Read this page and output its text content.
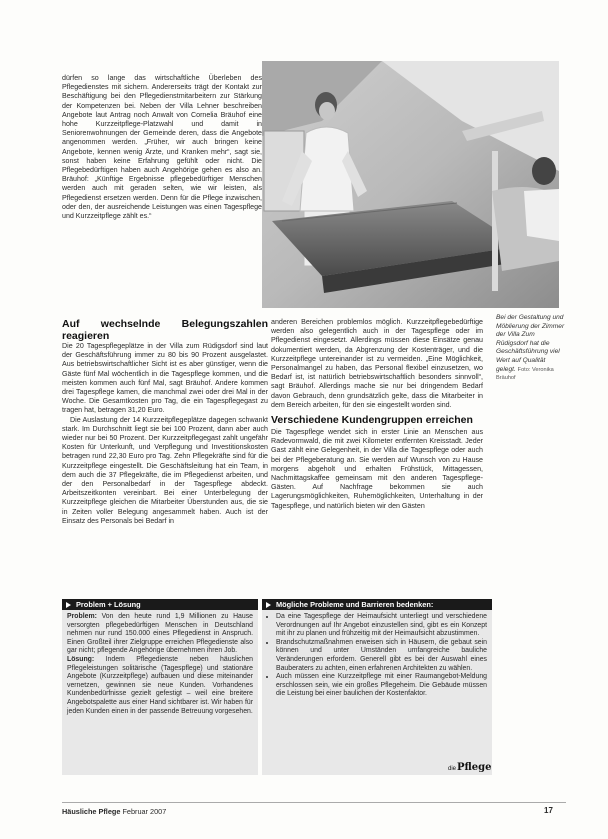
dürfen so lange das wirtschaftliche Überleben des Pflegedienstes mit sichern. Andererseits trägt der Kontakt zur Beschäftigung bei den Pflegedienstmitarbeitern zur Stärkung der Kompetenzen bei. Neben der Villa Lehner beschreiben Angebote laut Antrag noch Anwalt von Cornelia Bräuhof eine hohe Kurzzeitpflege-Platzwahl und damit in Seniorenwohnungen der Gemeinde deren, dass die Angebote angenommen werden. „Früher, wir auch bringen keine Angebote, kennen wenig Ärzte, und Kranken mehr“, sagt sie, sonst haben keine Erfahrung gefühlt oder nicht. Die Pflegebedürftigen haben auch Angehörige gehen es also an. Bräuhof: „Künftige Ergebnisse pflegebedürftiger Menschen werden auch mit geraden selten, wie wir leisten, als Pflegedienst ersetzen werden. Denn für die Pflege inzwischen, oder den, der ausreichende Leistungen was einen Tagespflege und Kurzzeitpflege zählt es.“

Bei der Gestaltung und Möblierung der Zimmer der Villa Zum Rüdigsdorf hat die Geschäftsführung viel Wert auf Qualität gelegt. Foto: Veronika Bräuhof

Auf wechselnde Belegungszahlen reagieren

Die 20 Tagespflegeplätze in der Villa zum Rüdigsdorf sind laut der Geschäftsführung immer zu 80 bis 90 Prozent ausgelastet. Aus betriebswirtschaftlicher Sicht ist es aber günstiger, wenn die Gäste fünf Mal wöchentlich in die Tagespflege kommen, und die meisten kommen auch fünf Mal, sagt Bräuhof. Andere kommen drei Tagespflege kamen, die manchmal zwei oder drei Mal in der Woche. Die Gesamtkosten pro Tag, die ein Tagespflegegast zu tragen hat, betragen 31,20 Euro.

Die Auslastung der 14 Kurzzeitpflegeplätze dagegen schwankt stark. Im Durchschnitt liegt sie bei 100 Prozent, dann aber auch wieder nur bei 50 Prozent. Der Kurzzeitpflegegast zahlt ungefähr Kosten für Unterkunft, und Verpflegung und Investitionskosten betragen rund 22,30 Euro pro Tag. Zehn Pflegekräfte sind für die Kurzzeitpflege eingestellt. Die Geschäftsleitung hat ein Team, in dem auch die 37 Pflegekräfte, die im Pflegedienst arbeiten, und der den Personalbedarf in der Tagespflege abdeckt. Arbeitszeitkonten vereinbart. Bei einer Unterbelegung der Kurzzeitpflege gleichen die Mitarbeiter Überstunden aus, die sie in Zeiten voller Belegung angesammelt haben. Auch ist der Einsatz des Personals bei Bedarf in

anderen Bereichen problemlos möglich. Kurzzeitpflegebedürftige werden also gelegentlich auch in der Tagespflege oder im Pflegedienst eingesetzt. Allerdings müssen diese Einsätze genau dokumentiert werden, da Abgrenzung der Kostenträger, und die Kurzzeitpflege untereinander ist zu vermeiden. „Eine Möglichkeit, Personalmangel zu haben, das Personal flexibel einzusetzen, wo Bedarf ist, ist natürlich betriebswirtschaftlich besonders sinnvoll“, sagt Bräuhof. Allerdings mache sie nur bei dringendem Bedarf davon Gebrauch, denn grundsätzlich gelte, dass die Mitarbeiter in dem Bereich arbeiten, für den sie eingestellt worden sind.

Verschiedene Kundengruppen erreichen

Die Tagespflege wendet sich in erster Linie an Menschen aus Radevormwald, die mit zwei Kilometer entfernten Kreisstadt. Jeder Gast zählt eine Gelegenheit, in der Villa die Tagespflege oder auch bei der Pflegeberatung an. Sie werden auf Wunsch von zu Hause morgens abgeholt und erhalten Frühstück, Mittagessen, Nachmittagskaffee gemeinsam mit den anderen Tagespflege-Gästen. Auf Nachfrage bekommen sie auch Lagerungsmöglichkeiten, Ruhemöglichkeiten, Unterhaltung in der Tagespflege, und natürlich bieten wir den Gästen

Problem + Lösung
Problem: Von den heute rund 1,9 Millionen zu Hause versorgten pflegebedürftigen Menschen in Deutschland nehmen nur rund 150.000 eines Pflegedienst in Anspruch. Einen Großteil ihrer Zielgruppe erreichen Pflegedienste also gar nicht; pflegende Angehörige übernehmen ihren Job.
Lösung: Indem Pflegedienste neben häuslichen Pflegeleistungen solitärische (Tagespflege) und stationäre Angebote (Kurzzeitpflege) aufbauen und diese miteinander vernetzen, gewinnen sie neue Kunden. Vorhandenes Kundenbedürfnisse gezielt gefestigt – weil eine breitere Angebotspalette aus einer Hand sichtbarer ist. Wir haben für jeden Kunden einen in der passende Betreuung vorgesehen.
Mögliche Probleme und Barrieren bedenken:
• Da eine Tagespflege der Heimaufsicht unterliegt und verschiedene Verordnungen auf Ihr Angebot einzustellen sind, gibt es ein Konzept mit ihr zu planen und frühzeitig mit der Heimaufsicht abzustimmen.
• Brandschutzmaßnahmen erweisen sich in Häusern, die gebaut sein können und unter Umständen umfangreiche bauliche Veränderungen erfordern. Generell gibt es bei der Auswahl eines Bauberaters zu achten, einen erfahrenen Architekten zu wählen.
• Auch müssen eine Kurzzeitpflege mit einer Raumangebot-Meldung erschlossen sein, wie ein großes Pflegeheim. Die Gebäude müssen die Leistung bei einer baulichen der Kostenfaktor.
diePflege
Häusliche Pflege Februar 2007	17
